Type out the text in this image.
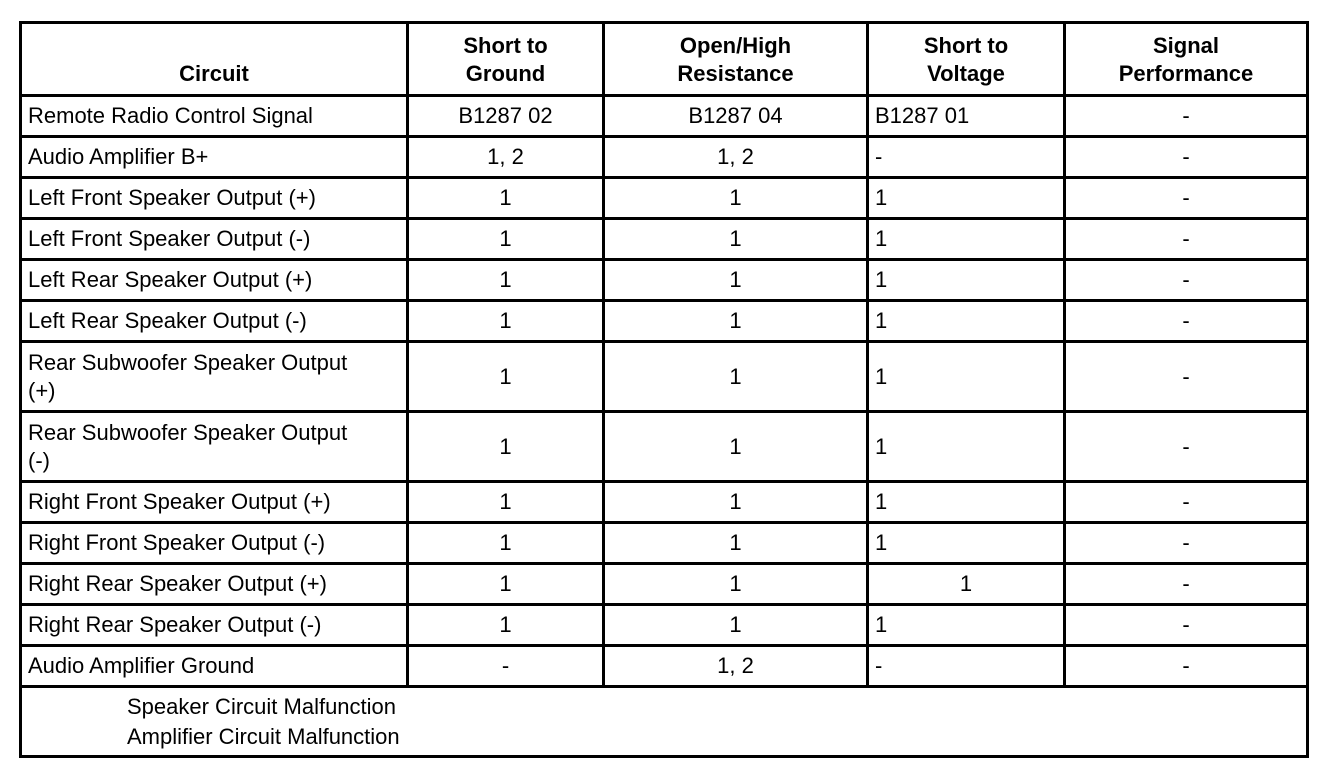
Circuit	Short to Ground	Open/High Resistance	Short to Voltage	Signal Performance
Remote Radio Control Signal	B1287 02	B1287 04	B1287 01	-
Audio Amplifier B+	1, 2	1, 2	-	-
Left Front Speaker Output (+)	1	1	1	-
Left Front Speaker Output (-)	1	1	1	-
Left Rear Speaker Output (+)	1	1	1	-
Left Rear Speaker Output (-)	1	1	1	-

Rear Subwoofer Speaker Output
(+)	1	1	1	-

Rear Subwoofer Speaker Output
(-)	1	1	1	-
Right Front Speaker Output (+)	1	1	1	-
Right Front Speaker Output (-)	1	1	1	-
Right Rear Speaker Output (+)	1	1	1	-
Right Rear Speaker Output (-)	1	1	1	-
Audio Amplifier Ground	-	1, 2	-	-

Speaker Circuit Malfunction
Amplifier Circuit Malfunction				
